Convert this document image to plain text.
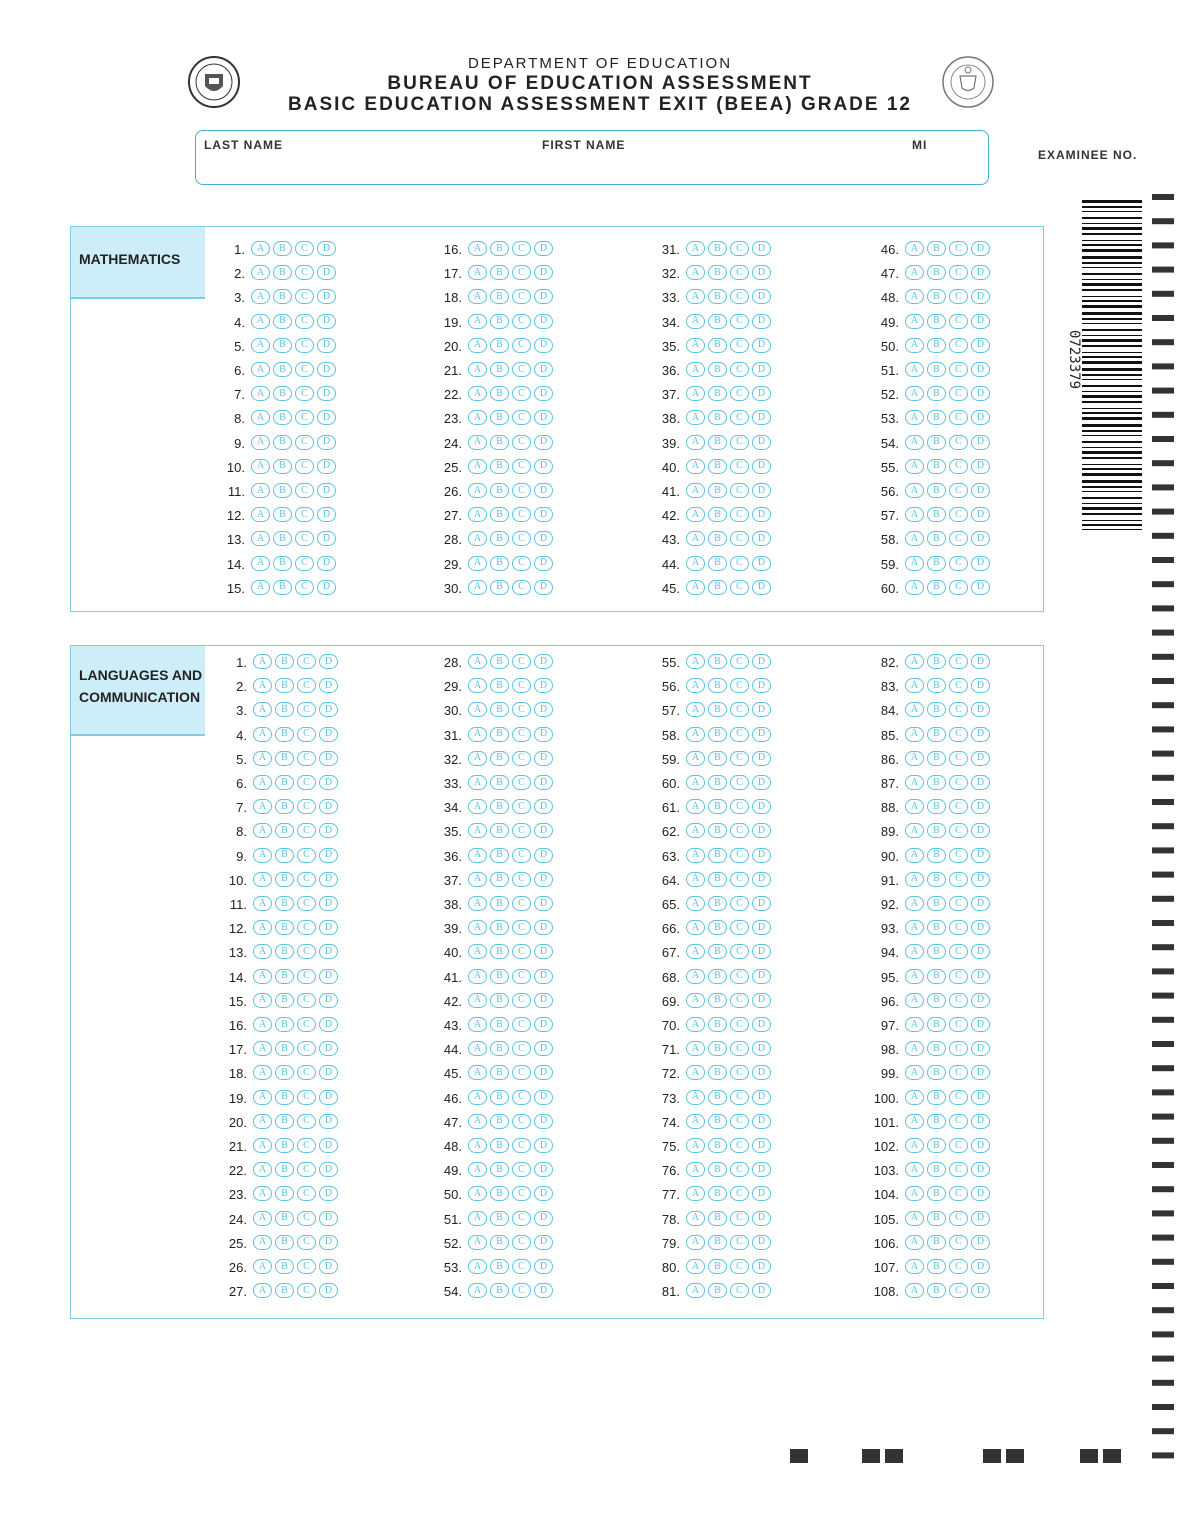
DEPARTMENT OF EDUCATION
BUREAU OF EDUCATION ASSESSMENT
BASIC EDUCATION ASSESSMENT EXIT (BEEA) GRADE 12
LAST NAME	FIRST NAME	MI
EXAMINEE NO.
0723379
MATHEMATICS
1.	A	B	C	D
2.	A	B	C	D
3.	A	B	C	D
4.	A	B	C	D
5.	A	B	C	D
6.	A	B	C	D
7.	A	B	C	D
8.	A	B	C	D
9.	A	B	C	D
10.	A	B	C	D
11.	A	B	C	D
12.	A	B	C	D
13.	A	B	C	D
14.	A	B	C	D
15.	A	B	C	D
16.	A	B	C	D
17.	A	B	C	D
18.	A	B	C	D
19.	A	B	C	D
20.	A	B	C	D
21.	A	B	C	D
22.	A	B	C	D
23.	A	B	C	D
24.	A	B	C	D
25.	A	B	C	D
26.	A	B	C	D
27.	A	B	C	D
28.	A	B	C	D
29.	A	B	C	D
30.	A	B	C	D
31.	A	B	C	D
32.	A	B	C	D
33.	A	B	C	D
34.	A	B	C	D
35.	A	B	C	D
36.	A	B	C	D
37.	A	B	C	D
38.	A	B	C	D
39.	A	B	C	D
40.	A	B	C	D
41.	A	B	C	D
42.	A	B	C	D
43.	A	B	C	D
44.	A	B	C	D
45.	A	B	C	D
46.	A	B	C	D
47.	A	B	C	D
48.	A	B	C	D
49.	A	B	C	D
50.	A	B	C	D
51.	A	B	C	D
52.	A	B	C	D
53.	A	B	C	D
54.	A	B	C	D
55.	A	B	C	D
56.	A	B	C	D
57.	A	B	C	D
58.	A	B	C	D
59.	A	B	C	D
60.	A	B	C	D
LANGUAGES AND
COMMUNICATION
1.	A	B	C	D
2.	A	B	C	D
3.	A	B	C	D
4.	A	B	C	D
5.	A	B	C	D
6.	A	B	C	D
7.	A	B	C	D
8.	A	B	C	D
9.	A	B	C	D
10.	A	B	C	D
11.	A	B	C	D
12.	A	B	C	D
13.	A	B	C	D
14.	A	B	C	D
15.	A	B	C	D
16.	A	B	C	D
17.	A	B	C	D
18.	A	B	C	D
19.	A	B	C	D
20.	A	B	C	D
21.	A	B	C	D
22.	A	B	C	D
23.	A	B	C	D
24.	A	B	C	D
25.	A	B	C	D
26.	A	B	C	D
27.	A	B	C	D
28.	A	B	C	D
29.	A	B	C	D
30.	A	B	C	D
31.	A	B	C	D
32.	A	B	C	D
33.	A	B	C	D
34.	A	B	C	D
35.	A	B	C	D
36.	A	B	C	D
37.	A	B	C	D
38.	A	B	C	D
39.	A	B	C	D
40.	A	B	C	D
41.	A	B	C	D
42.	A	B	C	D
43.	A	B	C	D
44.	A	B	C	D
45.	A	B	C	D
46.	A	B	C	D
47.	A	B	C	D
48.	A	B	C	D
49.	A	B	C	D
50.	A	B	C	D
51.	A	B	C	D
52.	A	B	C	D
53.	A	B	C	D
54.	A	B	C	D
55.	A	B	C	D
56.	A	B	C	D
57.	A	B	C	D
58.	A	B	C	D
59.	A	B	C	D
60.	A	B	C	D
61.	A	B	C	D
62.	A	B	C	D
63.	A	B	C	D
64.	A	B	C	D
65.	A	B	C	D
66.	A	B	C	D
67.	A	B	C	D
68.	A	B	C	D
69.	A	B	C	D
70.	A	B	C	D
71.	A	B	C	D
72.	A	B	C	D
73.	A	B	C	D
74.	A	B	C	D
75.	A	B	C	D
76.	A	B	C	D
77.	A	B	C	D
78.	A	B	C	D
79.	A	B	C	D
80.	A	B	C	D
81.	A	B	C	D
82.	A	B	C	D
83.	A	B	C	D
84.	A	B	C	D
85.	A	B	C	D
86.	A	B	C	D
87.	A	B	C	D
88.	A	B	C	D
89.	A	B	C	D
90.	A	B	C	D
91.	A	B	C	D
92.	A	B	C	D
93.	A	B	C	D
94.	A	B	C	D
95.	A	B	C	D
96.	A	B	C	D
97.	A	B	C	D
98.	A	B	C	D
99.	A	B	C	D
100.	A	B	C	D
101.	A	B	C	D
102.	A	B	C	D
103.	A	B	C	D
104.	A	B	C	D
105.	A	B	C	D
106.	A	B	C	D
107.	A	B	C	D
108.	A	B	C	D
